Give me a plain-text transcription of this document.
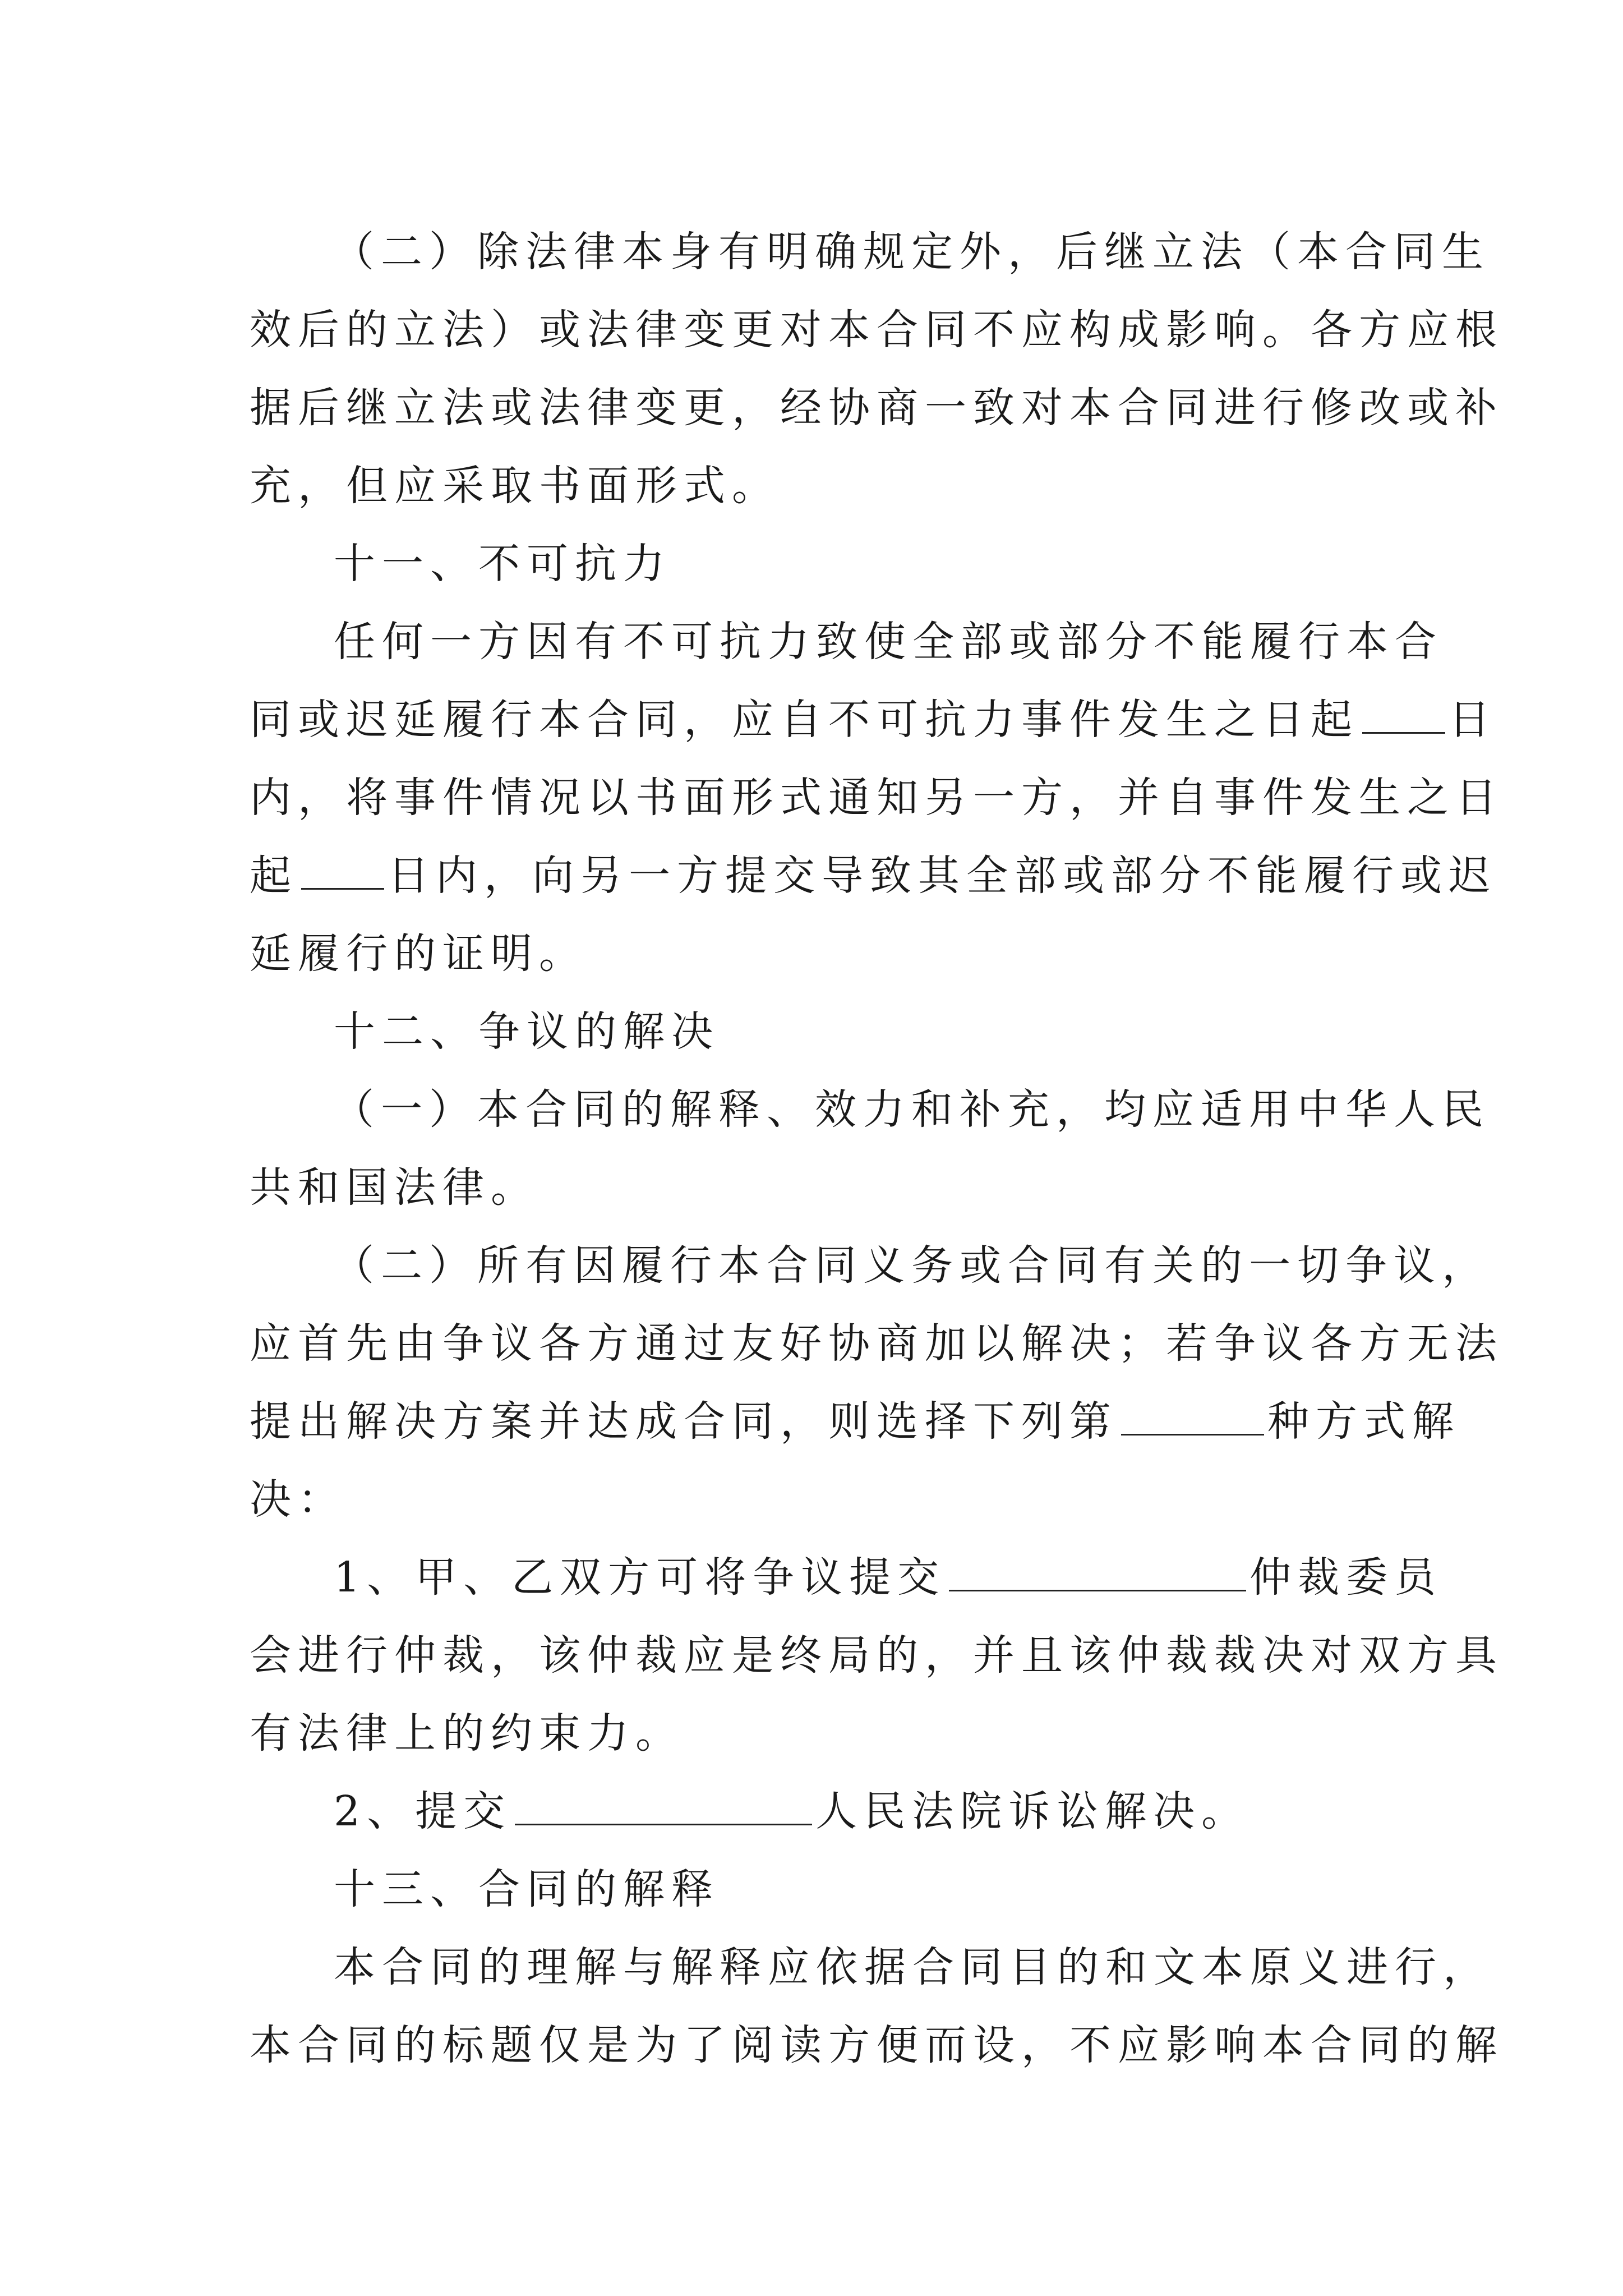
（二）除法律本身有明确规定外，后继立法（本合同生
效后的立法）或法律变更对本合同不应构成影响。各方应根
据后继立法或法律变更，经协商一致对本合同进行修改或补
充，但应采取书面形式。
十一、不可抗力
任何一方因有不可抗力致使全部或部分不能履行本合
同或迟延履行本合同，应自不可抗力事件发生之日起 日
内，将事件情况以书面形式通知另一方，并自事件发生之日
起 日内，向另一方提交导致其全部或部分不能履行或迟
延履行的证明。
十二、争议的解决
（一）本合同的解释、效力和补充，均应适用中华人民
共和国法律。
（二）所有因履行本合同义务或合同有关的一切争议，
应首先由争议各方通过友好协商加以解决；若争议各方无法
提出解决方案并达成合同，则选择下列第	种方式解
决：
1、甲、乙双方可将争议提交	仲裁委员
会进行仲裁，该仲裁应是终局的，并且该仲裁裁决对双方具
有法律上的约束力。
2、提交	人民法院诉讼解决。
十三、合同的解释
本合同的理解与解释应依据合同目的和文本原义进行，
本合同的标题仅是为了阅读方便而设，不应影响本合同的解
